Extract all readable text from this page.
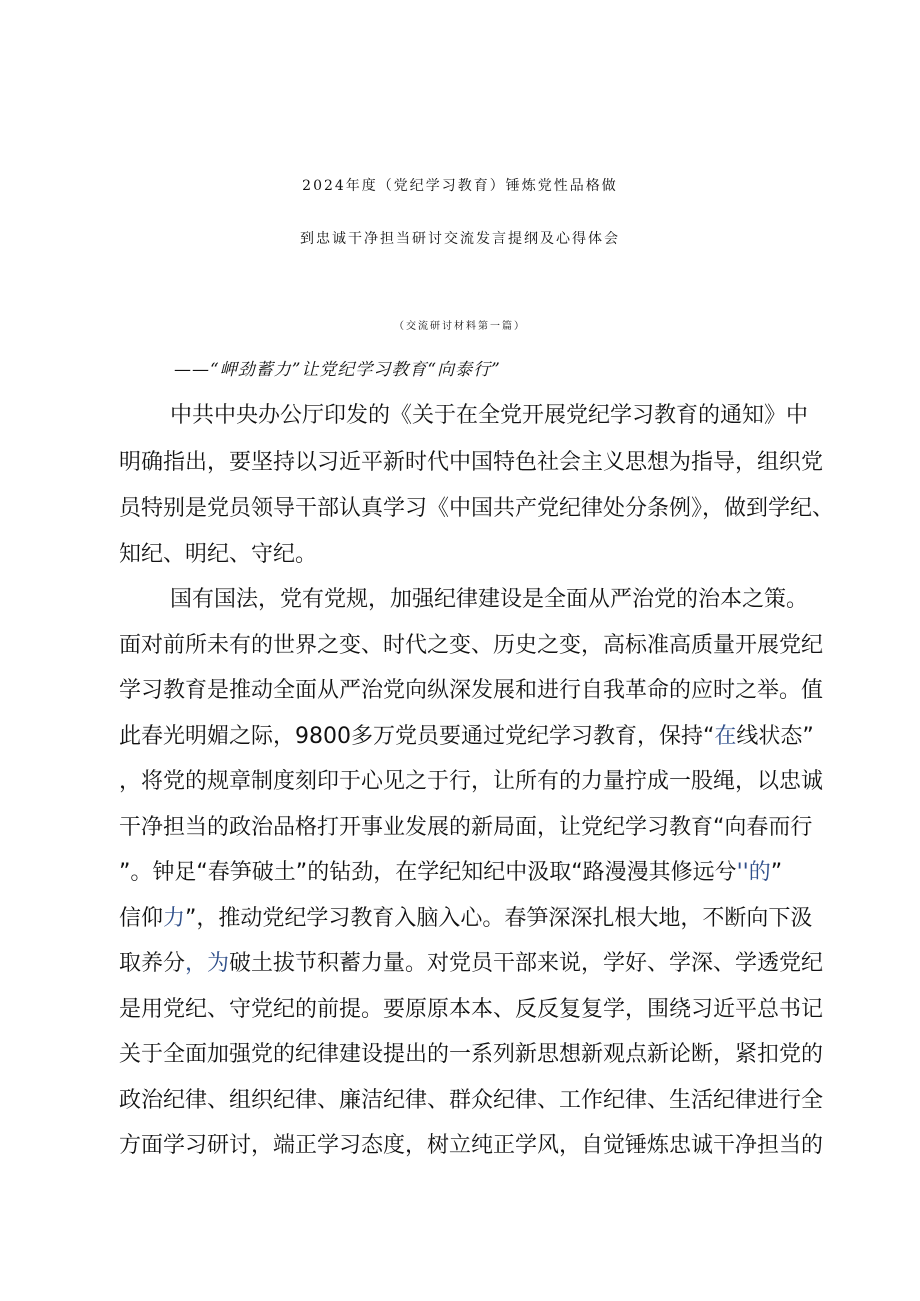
2024年度（党纪学习教育）锤炼党性品格做
到忠诚干净担当研讨交流发言提纲及心得体会
（交流研讨材料第一篇）
——“岬劲蓄力”让党纪学习教育“向泰行”
中共中央办公厅印发的《关于在全党开展党纪学习教育的通知》中
明确指出，要坚持以习近平新时代中国特色社会主义思想为指导，组织党
员特别是党员领导干部认真学习《中国共产党纪律处分条例》，做到学纪、
知纪、明纪、守纪。
国有国法，党有党规，加强纪律建设是全面从严治党的治本之策。
面对前所未有的世界之变、时代之变、历史之变，高标准高质量开展党纪
学习教育是推动全面从严治党向纵深发展和进行自我革命的应时之举。值
此春光明媚之际，9800多万党员要通过党纪学习教育，保持“在线状态”
，将党的规章制度刻印于心见之于行，让所有的力量拧成一股绳，以忠诚
干净担当的政治品格打开事业发展的新局面，让党纪学习教育“向春而行
”。钟足“春笋破土”的钻劲，在学纪知纪中汲取“路漫漫其修远兮''的”
信仰力”，推动党纪学习教育入脑入心。春笋深深扎根大地，不断向下汲
取养分，为破土拔节积蓄力量。对党员干部来说，学好、学深、学透党纪
是用党纪、守党纪的前提。要原原本本、反反复复学，围绕习近平总书记
关于全面加强党的纪律建设提出的一系列新思想新观点新论断，紧扣党的
政治纪律、组织纪律、廉洁纪律、群众纪律、工作纪律、生活纪律进行全
方面学习研讨，端正学习态度，树立纯正学风，自觉锤炼忠诚干净担当的
